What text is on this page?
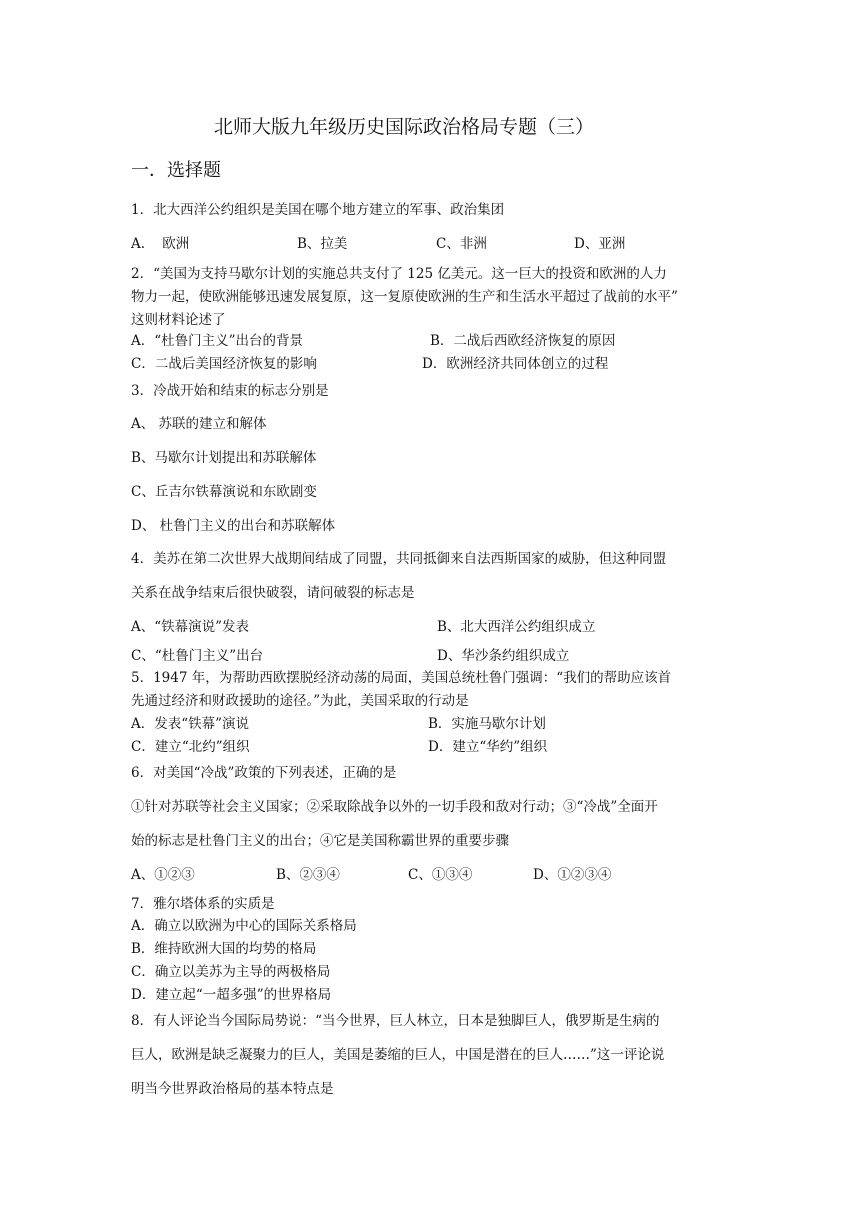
北师大版九年级历史国际政治格局专题（三）
一．选择题
1．北大西洋公约组织是美国在哪个地方建立的军事、政治集团
A.    欧洲	B、拉美	C、非洲	D、亚洲
2．“美国为支持马歇尔计划的实施总共支付了 125 亿美元。这一巨大的投资和欧洲的人力
物力一起，使欧洲能够迅速发展复原，这一复原使欧洲的生产和生活水平超过了战前的水平”
这则材料论述了
A．“杜鲁门主义”出台的背景	B．二战后西欧经济恢复的原因
C．二战后美国经济恢复的影响	D．欧洲经济共同体创立的过程
3．冷战开始和结束的标志分别是
A、 苏联的建立和解体
B、马歇尔计划提出和苏联解体
C、丘吉尔铁幕演说和东欧剧变
D、 杜鲁门主义的出台和苏联解体
4．美苏在第二次世界大战期间结成了同盟，共同抵御来自法西斯国家的威胁，但这种同盟
关系在战争结束后很快破裂，请问破裂的标志是
A、“铁幕演说”发表	B、北大西洋公约组织成立
C、“杜鲁门主义”出台	D、华沙条约组织成立
5．1947 年，为帮助西欧摆脱经济动荡的局面，美国总统杜鲁门强调：“我们的帮助应该首
先通过经济和财政援助的途径。”为此，美国采取的行动是
A．发表“铁幕”演说	B．实施马歇尔计划
C．建立“北约”组织	D．建立“华约”组织
6．对美国“冷战”政策的下列表述，正确的是
①针对苏联等社会主义国家；②采取除战争以外的一切手段和敌对行动；③“冷战”全面开
始的标志是杜鲁门主义的出台；④它是美国称霸世界的重要步骤
A、①②③	B、②③④	C、①③④	D、①②③④
7．雅尔塔体系的实质是
A．确立以欧洲为中心的国际关系格局
B．维持欧洲大国的均势的格局
C．确立以美苏为主导的两极格局
D．建立起“一超多强”的世界格局
8．有人评论当今国际局势说：“当今世界，巨人林立，日本是独脚巨人，俄罗斯是生病的
巨人，欧洲是缺乏凝聚力的巨人，美国是萎缩的巨人，中国是潜在的巨人……”这一评论说
明当今世界政治格局的基本特点是
